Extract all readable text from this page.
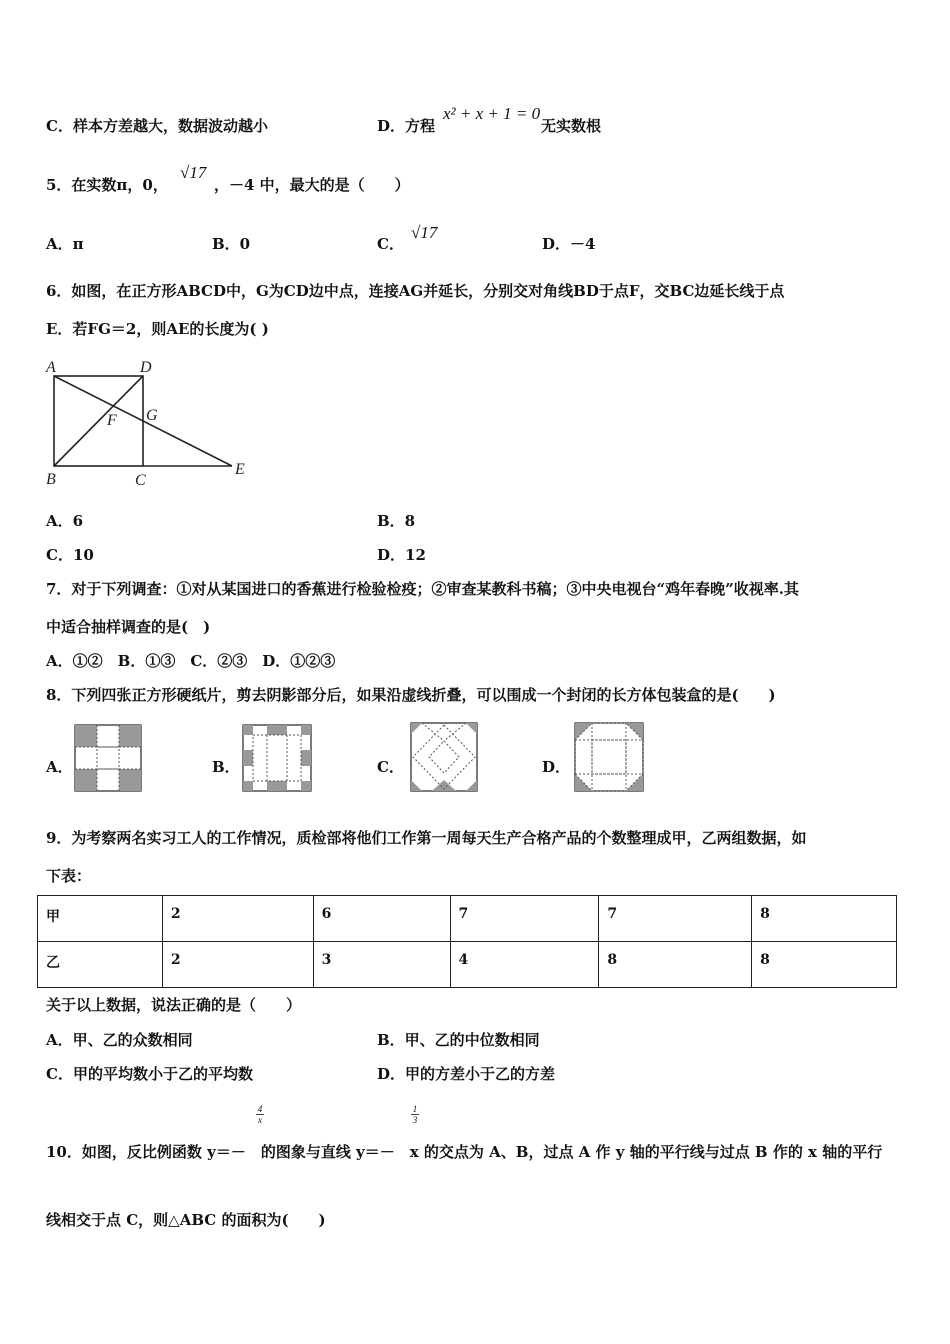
C．样本方差越大，数据波动越小	D．方程
x² + x + 1 = 0
无实数根
5．在实数π，0，
√17
，－4 中，最大的是（　　）
A．π	B．0	C．
√17
D．－4
6．如图，在正方形ABCD中，G为CD边中点，连接AG并延长，分别交对角线BD于点F，交BC边延长线于点
E．若FG＝2，则AE的长度为( )
A	D
G
F
B	C
E
A．6	B．8
C．10	D．12
7．对于下列调查：①对从某国进口的香蕉进行检验检疫；②审查某教科书稿；③中央电视台“鸡年春晚”收视率.其
中适合抽样调查的是(　)
A．①②　B．①③　C．②③　D．①②③
8．下列四张正方形硬纸片，剪去阴影部分后，如果沿虚线折叠，可以围成一个封闭的长方体包装盒的是(　　)
A．	B．	C．	D．
9．为考察两名实习工人的工作情况，质检部将他们工作第一周每天生产合格产品的个数整理成甲，乙两组数据，如
下表：
甲	2	6	7	7	8
乙	2	3	4	8	8
关于以上数据，说法正确的是（　　）
A．甲、乙的众数相同	B．甲、乙的中位数相同
C．甲的平均数小于乙的平均数	D．甲的方差小于乙的方差
4
x
1
3
10．如图，反比例函数 y＝－　的图象与直线 y＝－　x 的交点为 A、B，过点 A 作 y 轴的平行线与过点 B 作的 x 轴的平行
线相交于点 C，则△ABC 的面积为(　　)
